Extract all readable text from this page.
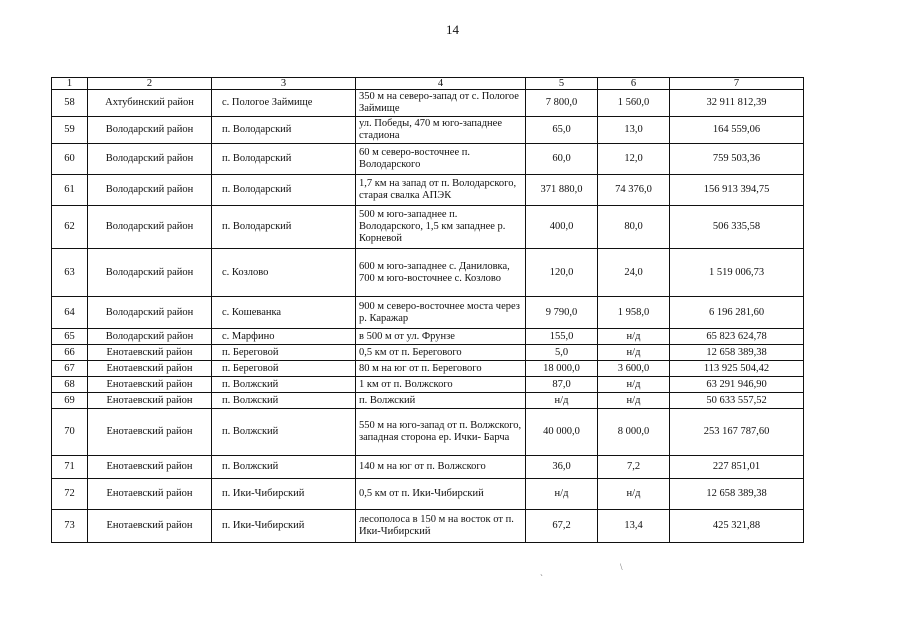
14
1	2	3	4	5	6	7
58	Ахтубинский район	с. Пологое Займище	350 м на северо-запад от с. Пологое Займище	7 800,0	1 560,0	32 911 812,39
59	Володарский район	п. Володарский	ул. Победы, 470 м юго-западнее стадиона	65,0	13,0	164 559,06
60	Володарский район	п. Володарский	60 м северо-восточнее п. Володарского	60,0	12,0	759 503,36
61	Володарский район	п. Володарский	1,7 км на запад от п. Володарского, старая свалка АПЭК	371 880,0	74 376,0	156 913 394,75
62	Володарский район	п. Володарский	500 м юго-западнее п. Володарского, 1,5 км западнее р. Корневой	400,0	80,0	506 335,58
63	Володарский район	с. Козлово	600 м юго-западнее с. Даниловка, 700 м юго-восточнее с. Козлово	120,0	24,0	1 519 006,73
64	Володарский район	с. Кошеванка	900 м северо-восточнее моста через р. Каражар	9 790,0	1 958,0	6 196 281,60
65	Володарский район	с. Марфино	в 500 м от ул. Фрунзе	155,0	н/д	65 823 624,78
66	Енотаевский район	п. Береговой	0,5 км от п. Берегового	5,0	н/д	12 658 389,38
67	Енотаевский район	п. Береговой	80 м на юг от п. Берегового	18 000,0	3 600,0	113 925 504,42
68	Енотаевский район	п. Волжский	1 км от п. Волжского	87,0	н/д	63 291 946,90
69	Енотаевский район	п. Волжский	п. Волжский	н/д	н/д	50 633 557,52
70	Енотаевский район	п. Волжский	550 м на юго-запад от п. Волжского, западная сторона ер. Ички- Барча	40 000,0	8 000,0	253 167 787,60
71	Енотаевский район	п. Волжский	140 м на юг от п. Волжского	36,0	7,2	227 851,01
72	Енотаевский район	п. Ики-Чибирский	0,5 км от п. Ики-Чибирский	н/д	н/д	12 658 389,38
73	Енотаевский район	п. Ики-Чибирский	лесополоса в 150 м на восток от п. Ики-Чибирский	67,2	13,4	425 321,88
ˎ	\
